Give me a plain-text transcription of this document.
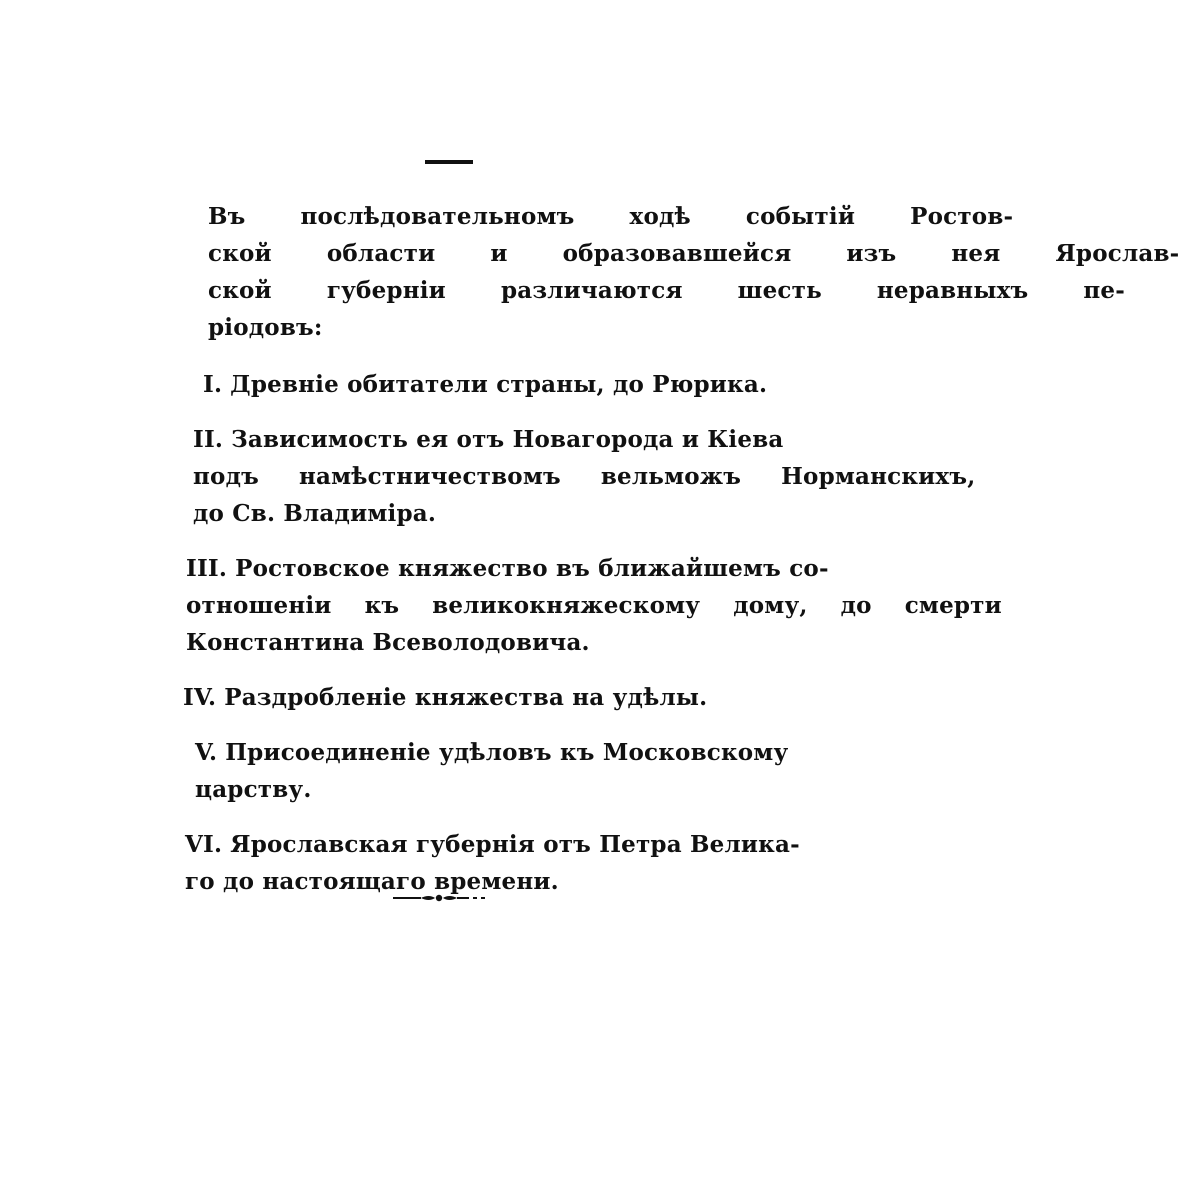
Въ	послѣдовательномъ	ходѣ	событій	Ростов-
ской	области	и	образовавшейся	изъ	нея	Ярослав-
ской	губерніи	различаются	шесть	неравныхъ	пе-
ріодовъ:

I. Древніе обитатели страны, до Рюрика.

II. Зависимость ея отъ Новагорода и Кіева
подъ	намѣстничествомъ	вельможъ	Норманскихъ,
до Св. Владиміра.

III. Ростовское княжество въ ближайшемъ со-
отношеніи	къ	великокняжескому	дому,	до	смерти
Константина Всеволодовича.

IV. Раздробленіе княжества на удѣлы.

V. Присоединеніе удѣловъ къ Московскому
царству.

VI. Ярославская губернія отъ Петра Велика-
го до настоящаго времени.
